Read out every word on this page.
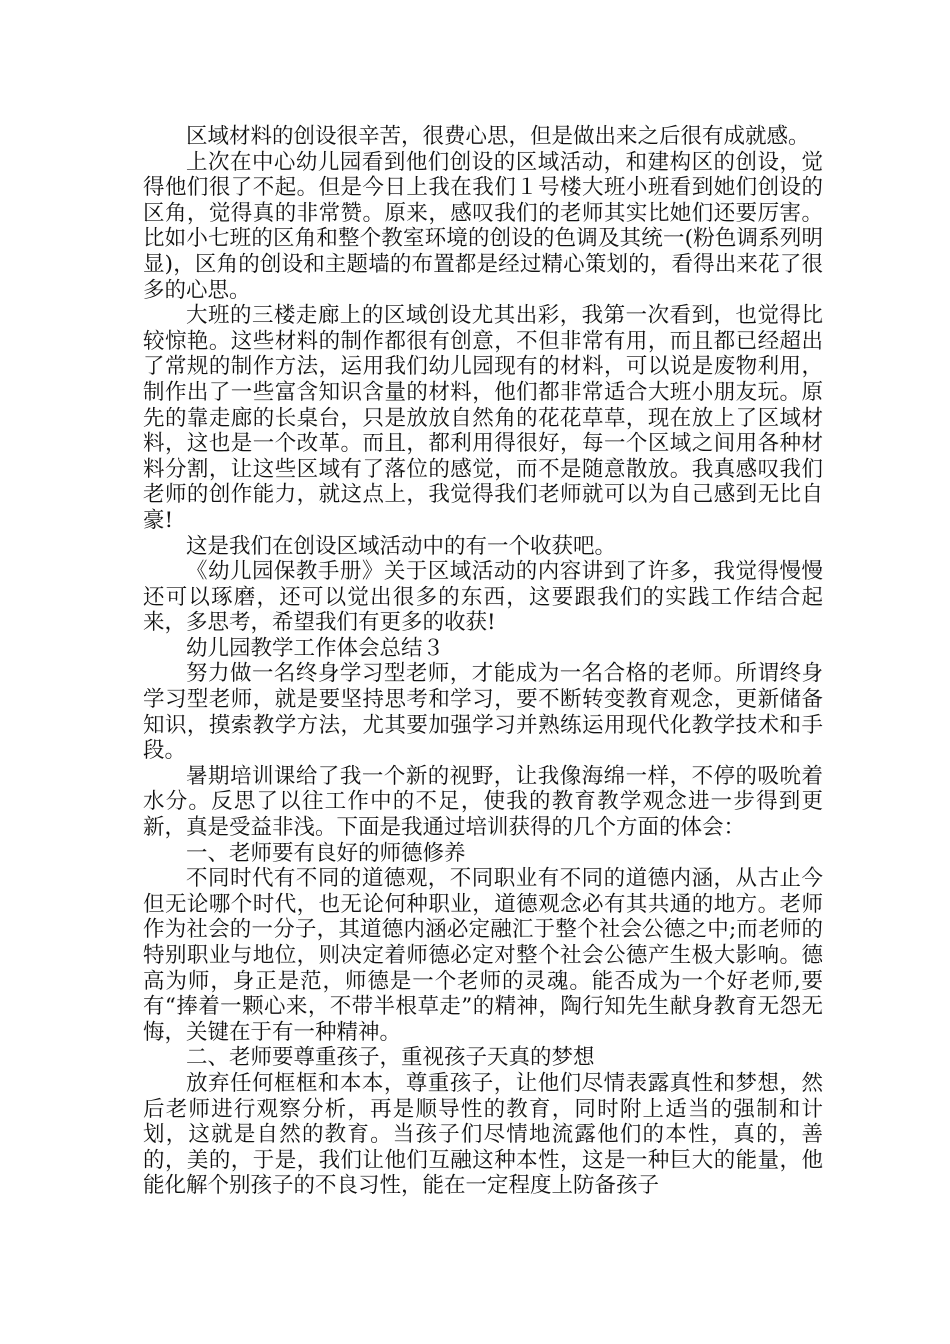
区域材料的创设很辛苦，很费心思，但是做出来之后很有成就感。

上次在中心幼儿园看到他们创设的区域活动，和建构区的创设，觉得他们很了不起。但是今日上我在我们１号楼大班小班看到她们创设的区角，觉得真的非常赞。原来，感叹我们的老师其实比她们还要厉害。比如小七班的区角和整个教室环境的创设的色调及其统一(粉色调系列明显)，区角的创设和主题墙的布置都是经过精心策划的，看得出来花了很多的心思。

大班的三楼走廊上的区域创设尤其出彩，我第一次看到，也觉得比较惊艳。这些材料的制作都很有创意，不但非常有用，而且都已经超出了常规的制作方法，运用我们幼儿园现有的材料，可以说是废物利用，制作出了一些富含知识含量的材料，他们都非常适合大班小朋友玩。原先的靠走廊的长桌台，只是放放自然角的花花草草，现在放上了区域材料，这也是一个改革。而且，都利用得很好，每一个区域之间用各种材料分割，让这些区域有了落位的感觉，而不是随意散放。我真感叹我们老师的创作能力，就这点上，我觉得我们老师就可以为自己感到无比自豪!

这是我们在创设区域活动中的有一个收获吧。

《幼儿园保教手册》关于区域活动的内容讲到了许多，我觉得慢慢还可以琢磨，还可以觉出很多的东西，这要跟我们的实践工作结合起来，多思考，希望我们有更多的收获!

幼儿园教学工作体会总结３

努力做一名终身学习型老师，才能成为一名合格的老师。所谓终身学习型老师，就是要坚持思考和学习，要不断转变教育观念，更新储备知识，摸索教学方法，尤其要加强学习并熟练运用现代化教学技术和手段。

暑期培训课给了我一个新的视野，让我像海绵一样，不停的吸吮着水分。反思了以往工作中的不足，使我的教育教学观念进一步得到更新，真是受益非浅。下面是我通过培训获得的几个方面的体会：

一、老师要有良好的师德修养

不同时代有不同的道德观，不同职业有不同的道德内涵，从古止今但无论哪个时代，也无论何种职业，道德观念必有其共通的地方。老师作为社会的一分子，其道德内涵必定融汇于整个社会公德之中;而老师的特别职业与地位，则决定着师德必定对整个社会公德产生极大影响。德高为师，身正是范，师德是一个老师的灵魂。能否成为一个好老师,要有“捧着一颗心来，不带半根草走”的精神，陶行知先生献身教育无怨无悔，关键在于有一种精神。

二、老师要尊重孩子，重视孩子天真的梦想

放弃任何框框和本本，尊重孩子，让他们尽情表露真性和梦想，然后老师进行观察分析，再是顺导性的教育，同时附上适当的强制和计划，这就是自然的教育。当孩子们尽情地流露他们的本性，真的，善的，美的，于是，我们让他们互融这种本性，这是一种巨大的能量，他能化解个别孩子的不良习性，能在一定程度上防备孩子
